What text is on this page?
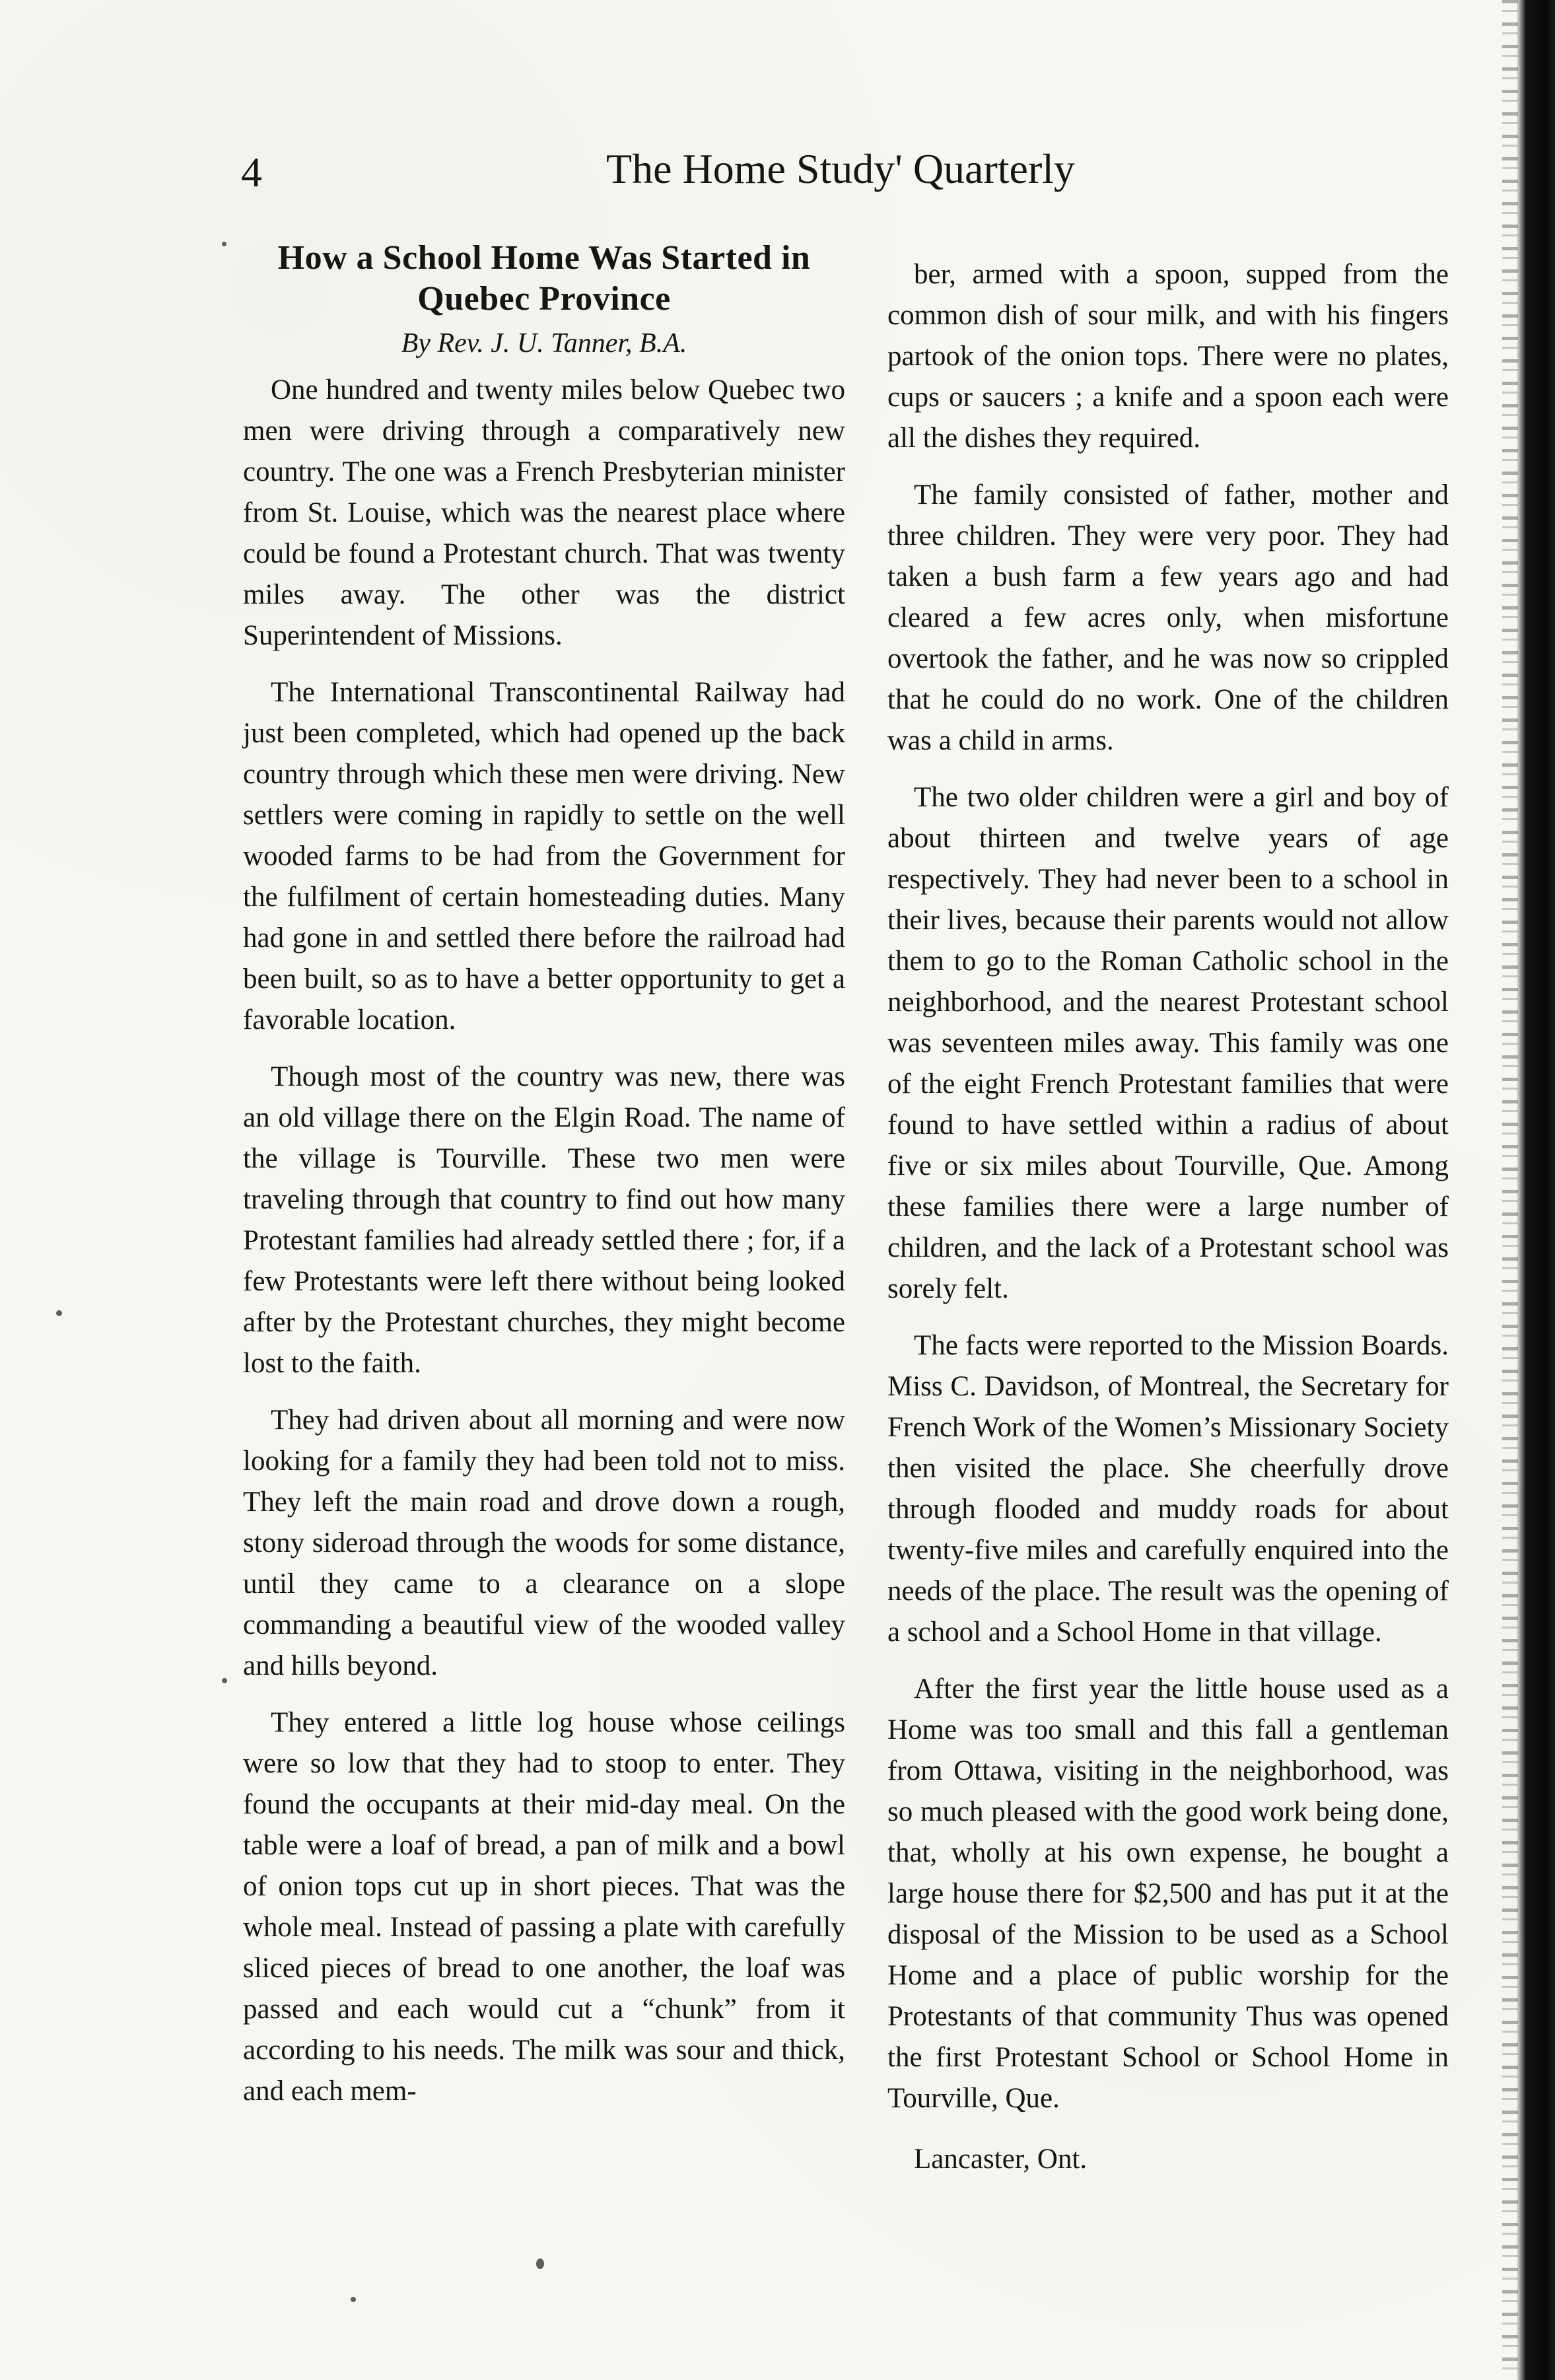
4	The Home Study' Quarterly
How a School Home Was Started in Quebec Province
By Rev. J. U. Tanner, B.A.

One hundred and twenty miles below Quebec two men were driving through a comparatively new country. The one was a French Presbyterian minister from St. Louise, which was the nearest place where could be found a Protestant church. That was twenty miles away. The other was the district Superintendent of Missions.

The International Transcontinental Railway had just been completed, which had opened up the back country through which these men were driving. New settlers were coming in rapidly to settle on the well wooded farms to be had from the Government for the fulfilment of certain homesteading duties. Many had gone in and settled there before the railroad had been built, so as to have a better opportunity to get a favorable location.

Though most of the country was new, there was an old village there on the Elgin Road. The name of the village is Tourville. These two men were traveling through that country to find out how many Protestant families had already settled there ; for, if a few Protestants were left there without being looked after by the Protestant churches, they might become lost to the faith.

They had driven about all morning and were now looking for a family they had been told not to miss. They left the main road and drove down a rough, stony sideroad through the woods for some distance, until they came to a clearance on a slope commanding a beautiful view of the wooded valley and hills beyond.

They entered a little log house whose ceilings were so low that they had to stoop to enter. They found the occupants at their mid-day meal. On the table were a loaf of bread, a pan of milk and a bowl of onion tops cut up in short pieces. That was the whole meal. Instead of passing a plate with carefully sliced pieces of bread to one another, the loaf was passed and each would cut a “chunk” from it according to his needs. The milk was sour and thick, and each mem-

ber, armed with a spoon, supped from the common dish of sour milk, and with his fingers partook of the onion tops. There were no plates, cups or saucers ; a knife and a spoon each were all the dishes they required.

The family consisted of father, mother and three children. They were very poor. They had taken a bush farm a few years ago and had cleared a few acres only, when misfortune overtook the father, and he was now so crippled that he could do no work. One of the children was a child in arms.

The two older children were a girl and boy of about thirteen and twelve years of age respectively. They had never been to a school in their lives, because their parents would not allow them to go to the Roman Catholic school in the neighborhood, and the nearest Protestant school was seventeen miles away. This family was one of the eight French Protestant families that were found to have settled within a radius of about five or six miles about Tourville, Que. Among these families there were a large number of children, and the lack of a Protestant school was sorely felt.

The facts were reported to the Mission Boards. Miss C. Davidson, of Montreal, the Secretary for French Work of the Women’s Missionary Society then visited the place. She cheerfully drove through flooded and muddy roads for about twenty-five miles and carefully enquired into the needs of the place. The result was the opening of a school and a School Home in that village.

After the first year the little house used as a Home was too small and this fall a gentleman from Ottawa, visiting in the neighborhood, was so much pleased with the good work being done, that, wholly at his own expense, he bought a large house there for $2,500 and has put it at the disposal of the Mission to be used as a School Home and a place of public worship for the Protestants of that community Thus was opened the first Protestant School or School Home in Tourville, Que.

Lancaster, Ont.
